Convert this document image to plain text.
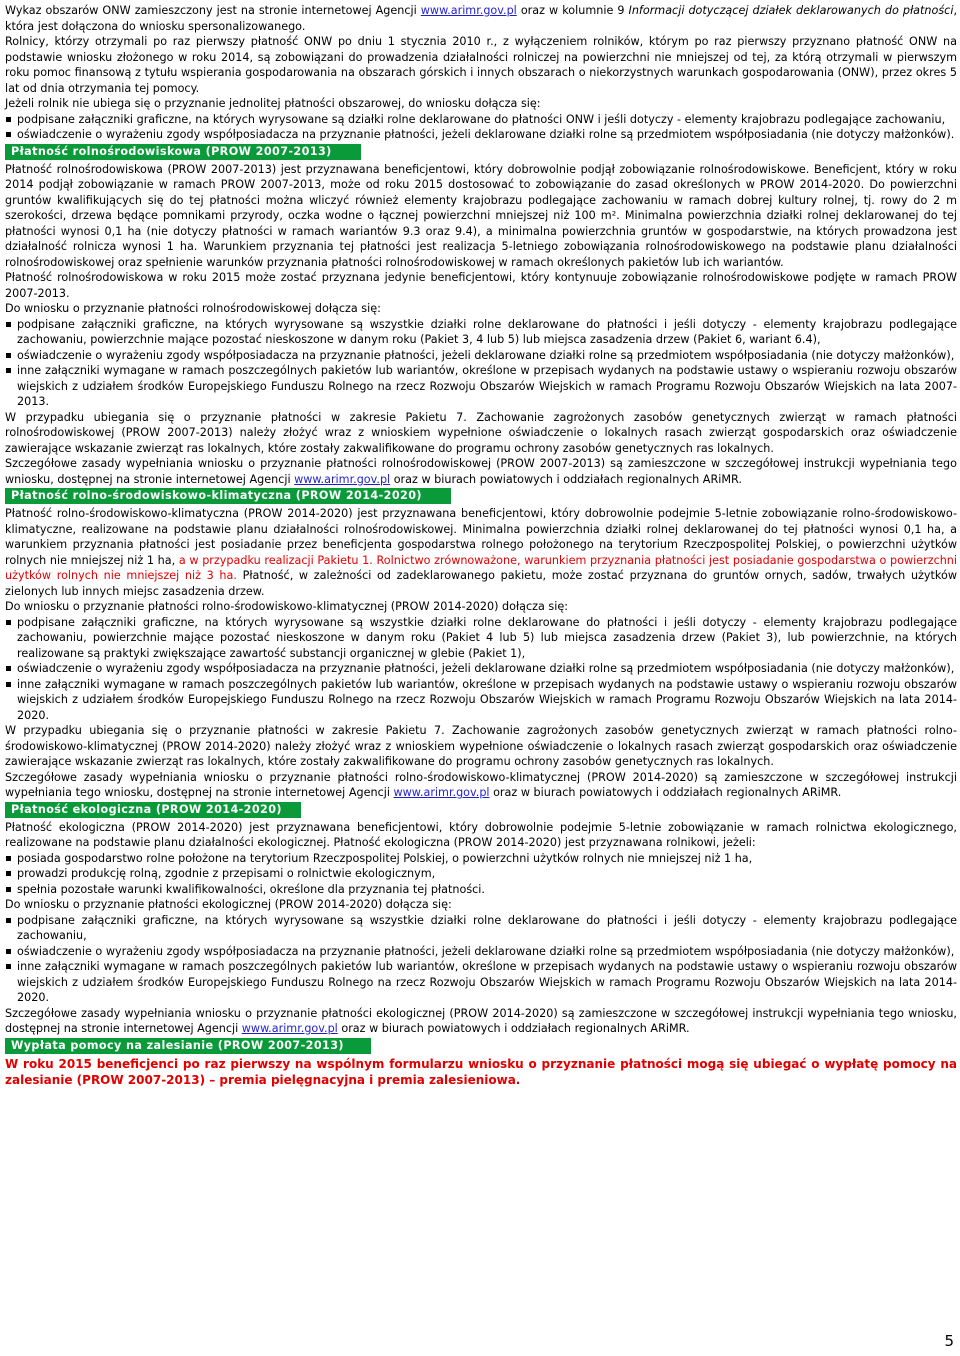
Wykaz obszarów ONW zamieszczony jest na stronie internetowej Agencji www.arimr.gov.pl oraz w kolumnie 9 Informacji dotyczącej działek deklarowanych do płatności, która jest dołączona do wniosku spersonalizowanego.

Rolnicy, którzy otrzymali po raz pierwszy płatność ONW po dniu 1 stycznia 2010 r., z wyłączeniem rolników, którym po raz pierwszy przyznano płatność ONW na podstawie wniosku złożonego w roku 2014, są zobowiązani do prowadzenia działalności rolniczej na powierzchni nie mniejszej od tej, za którą otrzymali w pierwszym roku pomoc finansową z tytułu wspierania gospodarowania na obszarach górskich i innych obszarach o niekorzystnych warunkach gospodarowania (ONW), przez okres 5 lat od dnia otrzymania tej pomocy.

Jeżeli rolnik nie ubiega się o przyznanie jednolitej płatności obszarowej, do wniosku dołącza się:

podpisane załączniki graficzne, na których wyrysowane są działki rolne deklarowane do płatności ONW i jeśli dotyczy - elementy krajobrazu podlegające zachowaniu,
oświadczenie o wyrażeniu zgody współposiadacza na przyznanie płatności, jeżeli deklarowane działki rolne są przedmiotem współposiadania (nie dotyczy małżonków).
Płatność rolnośrodowiskowa (PROW 2007-2013)

Płatność rolnośrodowiskowa (PROW 2007-2013) jest przyznawana beneficjentowi, który dobrowolnie podjął zobowiązanie rolnośrodowiskowe. Beneficjent, który w roku 2014 podjął zobowiązanie w ramach PROW 2007-2013, może od roku 2015 dostosować to zobowiązanie do zasad określonych w PROW 2014-2020. Do powierzchni gruntów kwalifikujących się do tej płatności można wliczyć również elementy krajobrazu podlegające zachowaniu w ramach dobrej kultury rolnej, tj. rowy do 2 m szerokości, drzewa będące pomnikami przyrody, oczka wodne o łącznej powierzchni mniejszej niż 100 m². Minimalna powierzchnia działki rolnej deklarowanej do tej płatności wynosi 0,1 ha (nie dotyczy płatności w ramach wariantów 9.3 oraz 9.4), a minimalna powierzchnia gruntów w gospodarstwie, na których prowadzona jest działalność rolnicza wynosi 1 ha. Warunkiem przyznania tej płatności jest realizacja 5-letniego zobowiązania rolnośrodowiskowego na podstawie planu działalności rolnośrodowiskowej oraz spełnienie warunków przyznania płatności rolnośrodowiskowej w ramach określonych pakietów lub ich wariantów.

Płatność rolnośrodowiskowa w roku 2015 może zostać przyznana jedynie beneficjentowi, który kontynuuje zobowiązanie rolnośrodowiskowe podjęte w ramach PROW 2007-2013.

Do wniosku o przyznanie płatności rolnośrodowiskowej dołącza się:

podpisane załączniki graficzne, na których wyrysowane są wszystkie działki rolne deklarowane do płatności i jeśli dotyczy - elementy krajobrazu podlegające zachowaniu, powierzchnie mające pozostać nieskoszone w danym roku (Pakiet 3, 4 lub 5) lub miejsca zasadzenia drzew (Pakiet 6, wariant 6.4),
oświadczenie o wyrażeniu zgody współposiadacza na przyznanie płatności, jeżeli deklarowane działki rolne są przedmiotem współposiadania (nie dotyczy małżonków),
inne załączniki wymagane w ramach poszczególnych pakietów lub wariantów, określone w przepisach wydanych na podstawie ustawy o wspieraniu rozwoju obszarów wiejskich z udziałem środków Europejskiego Funduszu Rolnego na rzecz Rozwoju Obszarów Wiejskich w ramach Programu Rozwoju Obszarów Wiejskich na lata 2007-2013.

W przypadku ubiegania się o przyznanie płatności w zakresie Pakietu 7. Zachowanie zagrożonych zasobów genetycznych zwierząt w ramach płatności rolnośrodowiskowej (PROW 2007-2013) należy złożyć wraz z wnioskiem wypełnione oświadczenie o lokalnych rasach zwierząt gospodarskich oraz oświadczenie zawierające wskazanie zwierząt ras lokalnych, które zostały zakwalifikowane do programu ochrony zasobów genetycznych ras lokalnych.

Szczegółowe zasady wypełniania wniosku o przyznanie płatności rolnośrodowiskowej (PROW 2007-2013) są zamieszczone w szczegółowej instrukcji wypełniania tego wniosku, dostępnej na stronie internetowej Agencji www.arimr.gov.pl oraz w biurach powiatowych i oddziałach regionalnych ARiMR.

Płatność rolno-środowiskowo-klimatyczna (PROW 2014-2020)

Płatność rolno-środowiskowo-klimatyczna (PROW 2014-2020) jest przyznawana beneficjentowi, który dobrowolnie podejmie 5-letnie zobowiązanie rolno-środowiskowo-klimatyczne, realizowane na podstawie planu działalności rolnośrodowiskowej. Minimalna powierzchnia działki rolnej deklarowanej do tej płatności wynosi 0,1 ha, a warunkiem przyznania płatności jest posiadanie przez beneficjenta gospodarstwa rolnego położonego na terytorium Rzeczpospolitej Polskiej, o powierzchni użytków rolnych nie mniejszej niż 1 ha, a w przypadku realizacji Pakietu 1. Rolnictwo zrównoważone, warunkiem przyznania płatności jest posiadanie gospodarstwa o powierzchni użytków rolnych nie mniejszej niż 3 ha. Płatność, w zależności od zadeklarowanego pakietu, może zostać przyznana do gruntów ornych, sadów, trwałych użytków zielonych lub innych miejsc zasadzenia drzew.

Do wniosku o przyznanie płatności rolno-środowiskowo-klimatycznej (PROW 2014-2020) dołącza się:

podpisane załączniki graficzne, na których wyrysowane są wszystkie działki rolne deklarowane do płatności i jeśli dotyczy - elementy krajobrazu podlegające zachowaniu, powierzchnie mające pozostać nieskoszone w danym roku (Pakiet 4 lub 5) lub miejsca zasadzenia drzew (Pakiet 3), lub powierzchnie, na których realizowane są praktyki zwiększające zawartość substancji organicznej w glebie (Pakiet 1),
oświadczenie o wyrażeniu zgody współposiadacza na przyznanie płatności, jeżeli deklarowane działki rolne są przedmiotem współposiadania (nie dotyczy małżonków),
inne załączniki wymagane w ramach poszczególnych pakietów lub wariantów, określone w przepisach wydanych na podstawie ustawy o wspieraniu rozwoju obszarów wiejskich z udziałem środków Europejskiego Funduszu Rolnego na rzecz Rozwoju Obszarów Wiejskich w ramach Programu Rozwoju Obszarów Wiejskich na lata 2014-2020.

W przypadku ubiegania się o przyznanie płatności w zakresie Pakietu 7. Zachowanie zagrożonych zasobów genetycznych zwierząt w ramach płatności rolno-środowiskowo-klimatycznej (PROW 2014-2020) należy złożyć wraz z wnioskiem wypełnione oświadczenie o lokalnych rasach zwierząt gospodarskich oraz oświadczenie zawierające wskazanie zwierząt ras lokalnych, które zostały zakwalifikowane do programu ochrony zasobów genetycznych ras lokalnych.

Szczegółowe zasady wypełniania wniosku o przyznanie płatności rolno-środowiskowo-klimatycznej (PROW 2014-2020) są zamieszczone w szczegółowej instrukcji wypełniania tego wniosku, dostępnej na stronie internetowej Agencji www.arimr.gov.pl oraz w biurach powiatowych i oddziałach regionalnych ARiMR.

Płatność ekologiczna (PROW 2014-2020)

Płatność ekologiczna (PROW 2014-2020) jest przyznawana beneficjentowi, który dobrowolnie podejmie 5-letnie zobowiązanie w ramach rolnictwa ekologicznego, realizowane na podstawie planu działalności ekologicznej. Płatność ekologiczna (PROW 2014-2020) jest przyznawana rolnikowi, jeżeli:

posiada gospodarstwo rolne położone na terytorium Rzeczpospolitej Polskiej, o powierzchni użytków rolnych nie mniejszej niż 1 ha,
prowadzi produkcję rolną, zgodnie z przepisami o rolnictwie ekologicznym,
spełnia pozostałe warunki kwalifikowalności, określone dla przyznania tej płatności.

Do wniosku o przyznanie płatności ekologicznej (PROW 2014-2020) dołącza się:

podpisane załączniki graficzne, na których wyrysowane są wszystkie działki rolne deklarowane do płatności i jeśli dotyczy - elementy krajobrazu podlegające zachowaniu,
oświadczenie o wyrażeniu zgody współposiadacza na przyznanie płatności, jeżeli deklarowane działki rolne są przedmiotem współposiadania (nie dotyczy małżonków),
inne załączniki wymagane w ramach poszczególnych pakietów lub wariantów, określone w przepisach wydanych na podstawie ustawy o wspieraniu rozwoju obszarów wiejskich z udziałem środków Europejskiego Funduszu Rolnego na rzecz Rozwoju Obszarów Wiejskich w ramach Programu Rozwoju Obszarów Wiejskich na lata 2014-2020.

Szczegółowe zasady wypełniania wniosku o przyznanie płatności ekologicznej (PROW 2014-2020) są zamieszczone w szczegółowej instrukcji wypełniania tego wniosku, dostępnej na stronie internetowej Agencji www.arimr.gov.pl oraz w biurach powiatowych i oddziałach regionalnych ARiMR.

Wypłata pomocy na zalesianie (PROW 2007-2013)

W roku 2015 beneficjenci po raz pierwszy na wspólnym formularzu wniosku o przyznanie płatności mogą się ubiegać o wypłatę pomocy na zalesianie (PROW 2007-2013) – premia pielęgnacyjna i premia zalesieniowa.

5
